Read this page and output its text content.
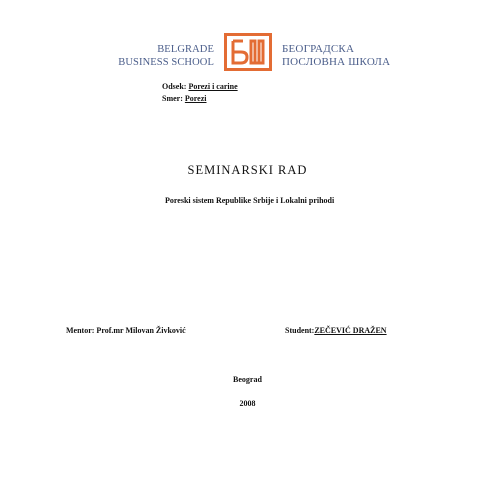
BELGRADE
BUSINESS SCHOOL
БЕОГРАДСКА
ПОСЛОВНА ШКОЛА
Odsek: Porezi i carine
Smer: Porezi
SEMINARSKI RAD
Poreski sistem Republike Srbije i Lokalni prihodi
Mentor: Prof.mr Milovan Živković	Student:ZEČEVIĆ DRAŽEN
Beograd
2008
